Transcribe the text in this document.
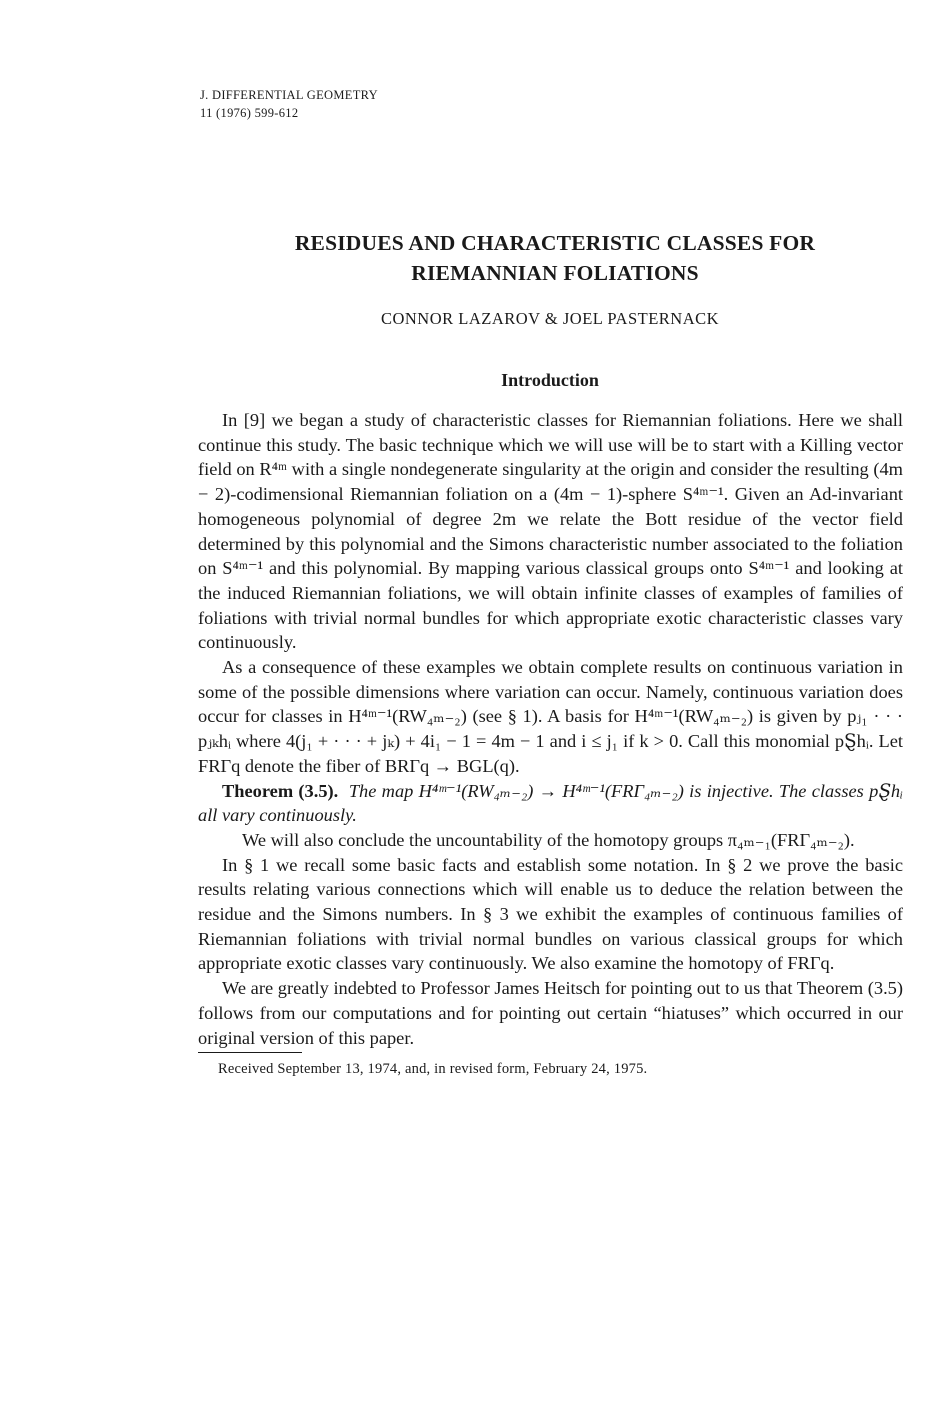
J. DIFFERENTIAL GEOMETRY
11 (1976) 599-612
RESIDUES AND CHARACTERISTIC CLASSES FOR
RIEMANNIAN FOLIATIONS
CONNOR LAZAROV & JOEL PASTERNACK
Introduction

In [9] we began a study of characteristic classes for Riemannian foliations. Here we shall continue this study. The basic technique which we will use will be to start with a Killing vector field on R⁴ᵐ with a single nondegenerate singularity at the origin and consider the resulting (4m − 2)-codimensional Riemannian foliation on a (4m − 1)-sphere S⁴ᵐ⁻¹. Given an Ad-invariant homogeneous polynomial of degree 2m we relate the Bott residue of the vector field determined by this polynomial and the Simons characteristic number associated to the foliation on S⁴ᵐ⁻¹ and this polynomial. By mapping various classical groups onto S⁴ᵐ⁻¹ and looking at the induced Riemannian foliations, we will obtain infinite classes of examples of families of foliations with trivial normal bundles for which appropriate exotic characteristic classes vary continuously.

As a consequence of these examples we obtain complete results on continuous variation in some of the possible dimensions where variation can occur. Namely, continuous variation does occur for classes in H⁴ᵐ⁻¹(RW₄ₘ₋₂) (see § 1). A basis for H⁴ᵐ⁻¹(RW₄ₘ₋₂) is given by pⱼ₁ · · · pⱼₖhᵢ where 4(j₁ + · · · + jₖ) + 4i₁ − 1 = 4m − 1 and i ≤ j₁ if k > 0. Call this monomial pⱾhᵢ. Let FRΓq denote the fiber of BRΓq → BGL(q).

Theorem (3.5). The map H⁴ᵐ⁻¹(RW₄ₘ₋₂) → H⁴ᵐ⁻¹(FRΓ₄ₘ₋₂) is injective. The classes pⱾhᵢ all vary continuously.

We will also conclude the uncountability of the homotopy groups π₄ₘ₋₁(FRΓ₄ₘ₋₂).

In § 1 we recall some basic facts and establish some notation. In § 2 we prove the basic results relating various connections which will enable us to deduce the relation between the residue and the Simons numbers. In § 3 we exhibit the examples of continuous families of Riemannian foliations with trivial normal bundles on various classical groups for which appropriate exotic classes vary continuously. We also examine the homotopy of FRΓq.

We are greatly indebted to Professor James Heitsch for pointing out to us that Theorem (3.5) follows from our computations and for pointing out certain “hiatuses” which occurred in our original version of this paper.

Received September 13, 1974, and, in revised form, February 24, 1975.
